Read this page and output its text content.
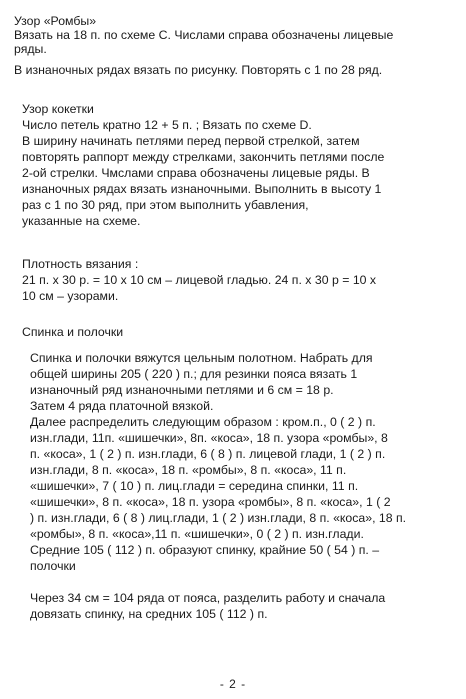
Узор «Ромбы»
Вязать на 18 п. по схеме С. Числами справа обозначены лицевые
ряды.
В изнаночных рядах вязать по рисунку. Повторять с 1 по 28 ряд.
Узор кокетки
Число петель кратно 12 + 5 п. ; Вязать по схеме D.
В ширину начинать петлями перед первой стрелкой, затем
повторять раппорт между стрелками, закончить петлями после
2-ой стрелки. Чмслами справа обозначены лицевые ряды. В
изнаночных рядах вязать изнаночными. Выполнить в высоту 1
раз с 1 по 30 ряд, при этом выполнить убавления,
указанные на схеме.
Плотность вязания :
21 п. х 30 р. = 10 х 10 см – лицевой гладью. 24 п. х 30 р = 10 х
10 см – узорами.
Спинка и полочки
Спинка и полочки вяжутся цельным полотном. Набрать для
общей ширины 205 ( 220 ) п.; для резинки пояса вязать 1
изнаночный ряд изнаночными петлями и 6 см = 18 р.
Затем 4 ряда платочной вязкой.
Далее распределить следующим образом : кром.п., 0 ( 2 ) п.
изн.глади, 11п. «шишечки», 8п. «коса», 18 п. узора «ромбы», 8
п. «коса», 1 ( 2 ) п. изн.глади, 6 ( 8 ) п. лицевой глади, 1 ( 2 ) п.
изн.глади, 8 п. «коса», 18 п. «ромбы», 8 п. «коса», 11 п.
«шишечки», 7 ( 10 ) п. лиц.глади = середина спинки, 11 п.
«шишечки», 8 п. «коса», 18 п. узора «ромбы», 8 п. «коса», 1 ( 2
) п. изн.глади, 6 ( 8 ) лиц.глади, 1 ( 2 ) изн.глади, 8 п. «коса», 18 п.
«ромбы», 8 п. «коса»,11 п. «шишечки», 0 ( 2 ) п. изн.глади.
Средние 105 ( 112 ) п. образуют спинку, крайние 50 ( 54 ) п. –
полочки
Через 34 см = 104 ряда от пояса, разделить работу и сначала
довязать спинку, на средних 105 ( 112 ) п.
- 2 -
